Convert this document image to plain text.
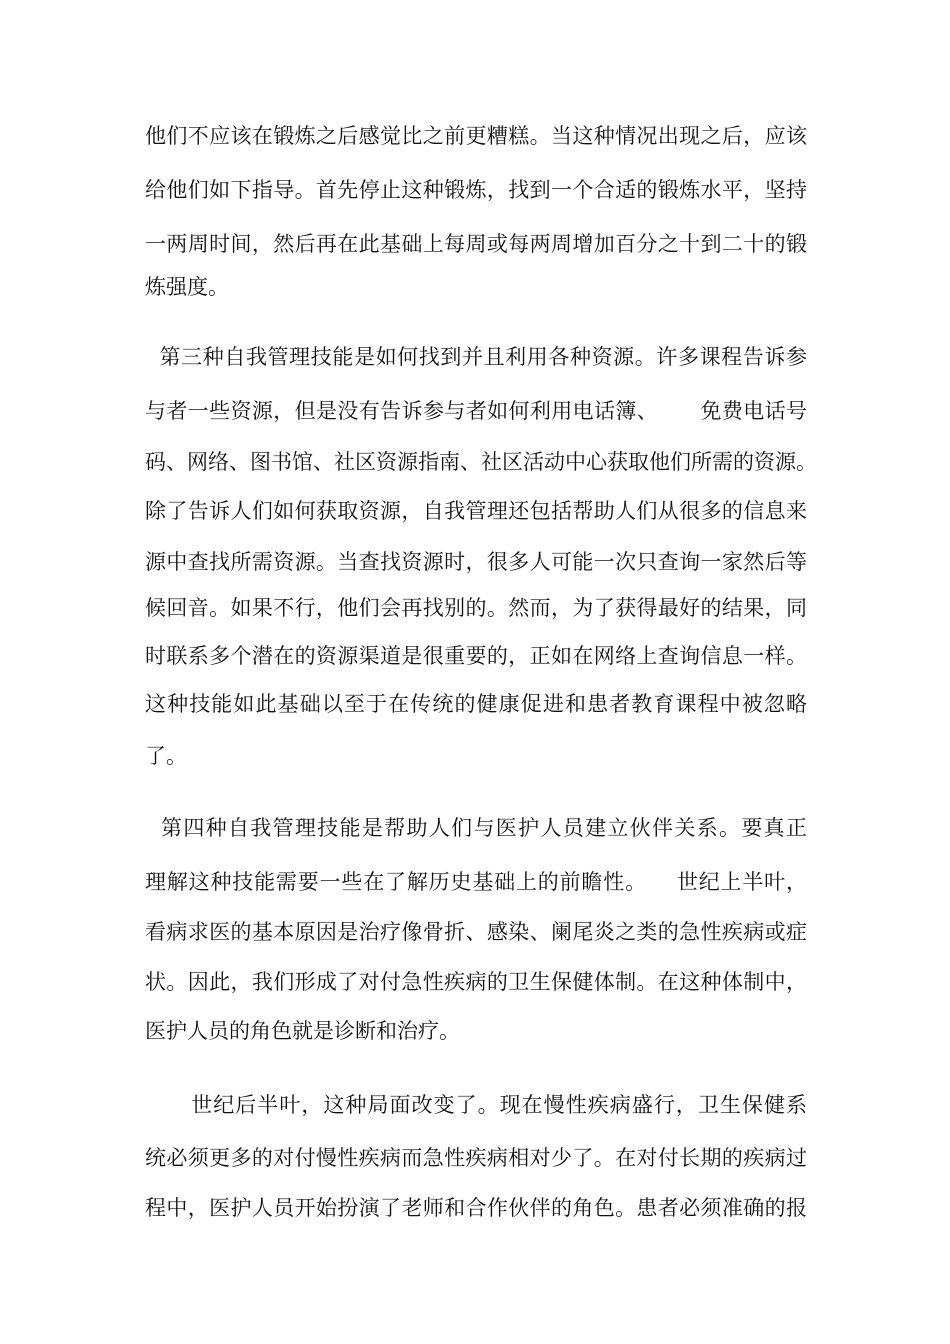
他们不应该在锻炼之后感觉比之前更糟糕。当这种情况出现之后，应该
给他们如下指导。首先停止这种锻炼，找到一个合适的锻炼水平，坚持
一两周时间，然后再在此基础上每周或每两周增加百分之十到二十的锻
炼强度。
第三种自我管理技能是如何找到并且利用各种资源。许多课程告诉参
与者一些资源，但是没有告诉参与者如何利用电话簿、      免费电话号
码、网络、图书馆、社区资源指南、社区活动中心获取他们所需的资源。
除了告诉人们如何获取资源，自我管理还包括帮助人们从很多的信息来
源中查找所需资源。当查找资源时，很多人可能一次只查询一家然后等
候回音。如果不行，他们会再找别的。然而，为了获得最好的结果，同
时联系多个潜在的资源渠道是很重要的，正如在网络上查询信息一样。
这种技能如此基础以至于在传统的健康促进和患者教育课程中被忽略
了。
第四种自我管理技能是帮助人们与医护人员建立伙伴关系。要真正
理解这种技能需要一些在了解历史基础上的前瞻性。    世纪上半叶，
看病求医的基本原因是治疗像骨折、感染、阑尾炎之类的急性疾病或症
状。因此，我们形成了对付急性疾病的卫生保健体制。在这种体制中，
医护人员的角色就是诊断和治疗。
世纪后半叶，这种局面改变了。现在慢性疾病盛行，卫生保健系
统必须更多的对付慢性疾病而急性疾病相对少了。在对付长期的疾病过
程中，医护人员开始扮演了老师和合作伙伴的角色。患者必须准确的报
